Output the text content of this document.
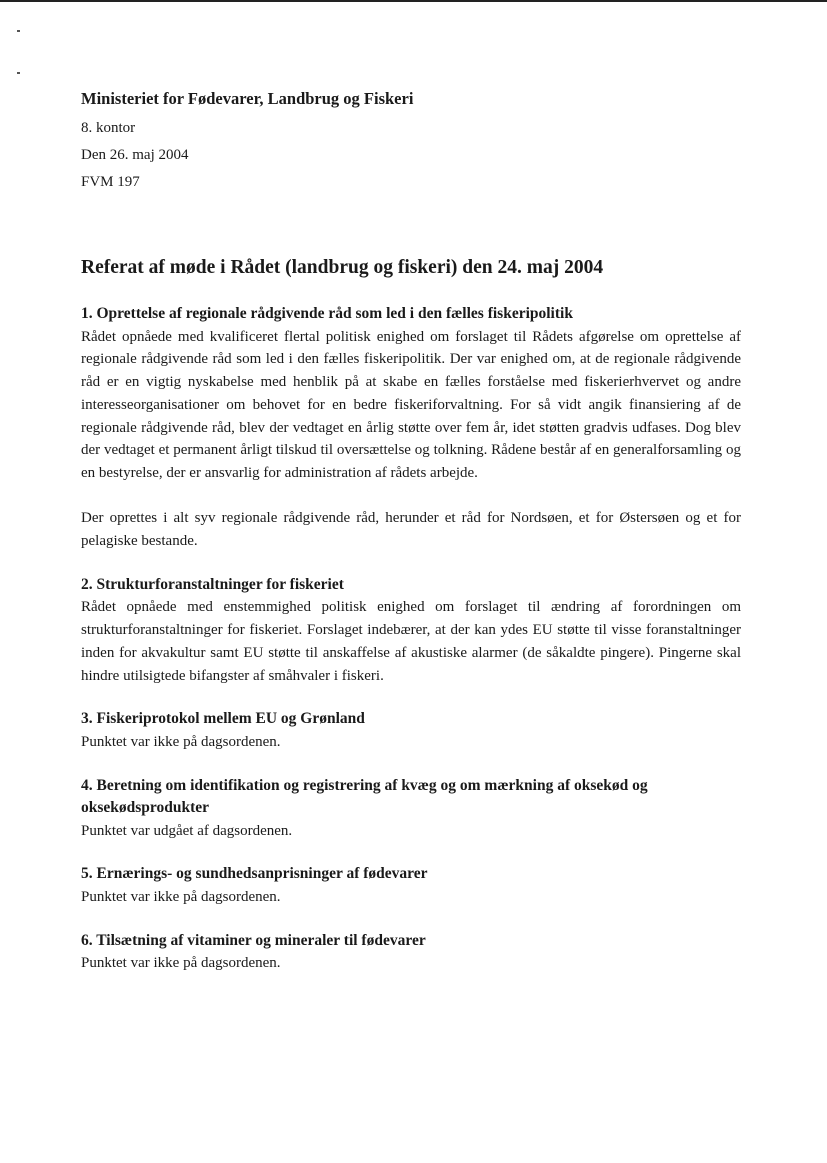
Ministeriet for Fødevarer, Landbrug og Fiskeri
8. kontor
Den 26. maj 2004
FVM 197
Referat af møde i Rådet (landbrug og fiskeri) den 24. maj 2004
1. Oprettelse af regionale rådgivende råd som led i den fælles fiskeripolitik
Rådet opnåede med kvalificeret flertal politisk enighed om forslaget til Rådets afgørelse om oprettelse af regionale rådgivende råd som led i den fælles fiskeripolitik. Der var enighed om, at de regionale rådgivende råd er en vigtig nyskabelse med henblik på at skabe en fælles forståelse med fiskerierhvervet og andre interesseorganisationer om behovet for en bedre fiskeriforvaltning. For så vidt angik finansiering af de regionale rådgivende råd, blev der vedtaget en årlig støtte over fem år, idet støtten gradvis udfases. Dog blev der vedtaget et permanent årligt tilskud til oversættelse og tolkning. Rådene består af en generalforsamling og en bestyrelse, der er ansvarlig for administration af rådets arbejde.
Der oprettes i alt syv regionale rådgivende råd, herunder et råd for Nordsøen, et for Østersøen og et for pelagiske bestande.
2. Strukturforanstaltninger for fiskeriet
Rådet opnåede med enstemmighed politisk enighed om forslaget til ændring af forordningen om strukturforanstaltninger for fiskeriet. Forslaget indebærer, at der kan ydes EU støtte til visse foranstaltninger inden for akvakultur samt EU støtte til anskaffelse af akustiske alarmer (de såkaldte pingere). Pingerne skal hindre utilsigtede bifangster af småhvaler i fiskeri.
3. Fiskeriprotokol mellem EU og Grønland
Punktet var ikke på dagsordenen.
4. Beretning om identifikation og registrering af kvæg og om mærkning af oksekød og oksekødsprodukter
Punktet var udgået af dagsordenen.
5. Ernærings- og sundhedsanprisninger af fødevarer
Punktet var ikke på dagsordenen.
6. Tilsætning af vitaminer og mineraler til fødevarer
Punktet var ikke på dagsordenen.
